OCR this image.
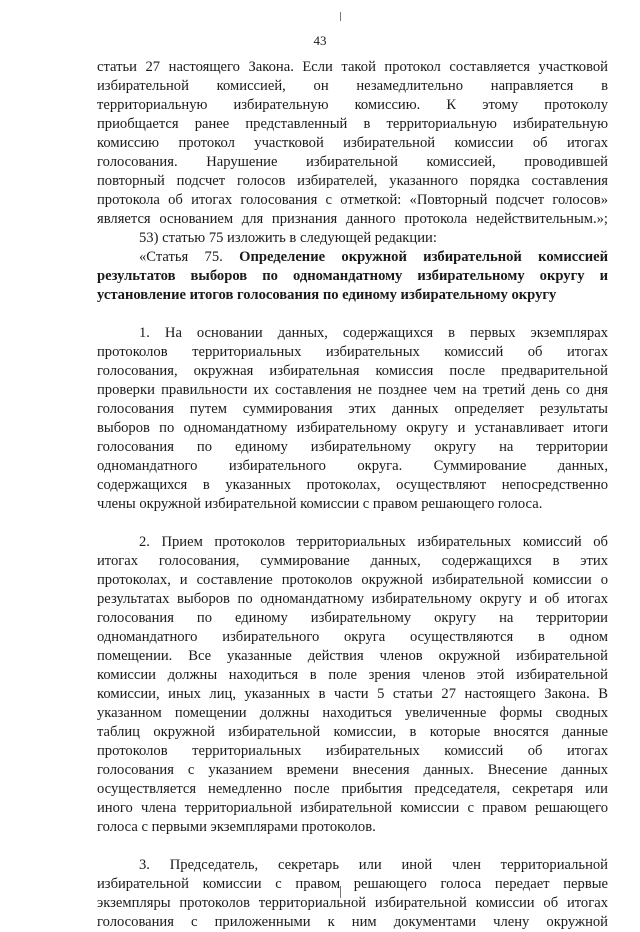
43

статьи 27 настоящего Закона. Если такой протокол составляется участковой

избирательной комиссией, он незамедлительно направляется в

территориальную избирательную комиссию. К этому протоколу

приобщается ранее представленный в территориальную избирательную

комиссию протокол участковой избирательной комиссии об итогах

голосования. Нарушение избирательной комиссией, проводившей

повторный подсчет голосов избирателей, указанного порядка составления

протокола об итогах голосования с отметкой: «Повторный подсчет голосов»

является основанием для признания данного протокола недействительным.»;

53) статью 75 изложить в следующей редакции:

«Статья 75. Определение окружной избирательной комиссией

результатов выборов по одномандатному избирательному округу и

установление итогов голосования по единому избирательному округу

1. На основании данных, содержащихся в первых экземплярах

протоколов территориальных избирательных комиссий об итогах

голосования, окружная избирательная комиссия после предварительной

проверки правильности их составления не позднее чем на третий день со дня

голосования путем суммирования этих данных определяет результаты

выборов по одномандатному избирательному округу и устанавливает итоги

голосования по единому избирательному округу на территории

одномандатного избирательного округа. Суммирование данных,

содержащихся в указанных протоколах, осуществляют непосредственно

члены окружной избирательной комиссии с правом решающего голоса.

2. Прием протоколов территориальных избирательных комиссий об

итогах голосования, суммирование данных, содержащихся в этих

протоколах, и составление протоколов окружной избирательной комиссии о

результатах выборов по одномандатному избирательному округу и об итогах

голосования по единому избирательному округу на территории

одномандатного избирательного округа осуществляются в одном

помещении. Все указанные действия членов окружной избирательной

комиссии должны находиться в поле зрения членов этой избирательной

комиссии, иных лиц, указанных в части 5 статьи 27 настоящего Закона. В

указанном помещении должны находиться увеличенные формы сводных

таблиц окружной избирательной комиссии, в которые вносятся данные

протоколов территориальных избирательных комиссий об итогах

голосования с указанием времени внесения данных. Внесение данных

осуществляется немедленно после прибытия председателя, секретаря или

иного члена территориальной избирательной комиссии с правом решающего

голоса с первыми экземплярами протоколов.

3. Председатель, секретарь или иной член территориальной

избирательной комиссии с правом решающего голоса передает первые

экземпляры протоколов территориальной избирательной комиссии об итогах

голосования с приложенными к ним документами члену окружной
